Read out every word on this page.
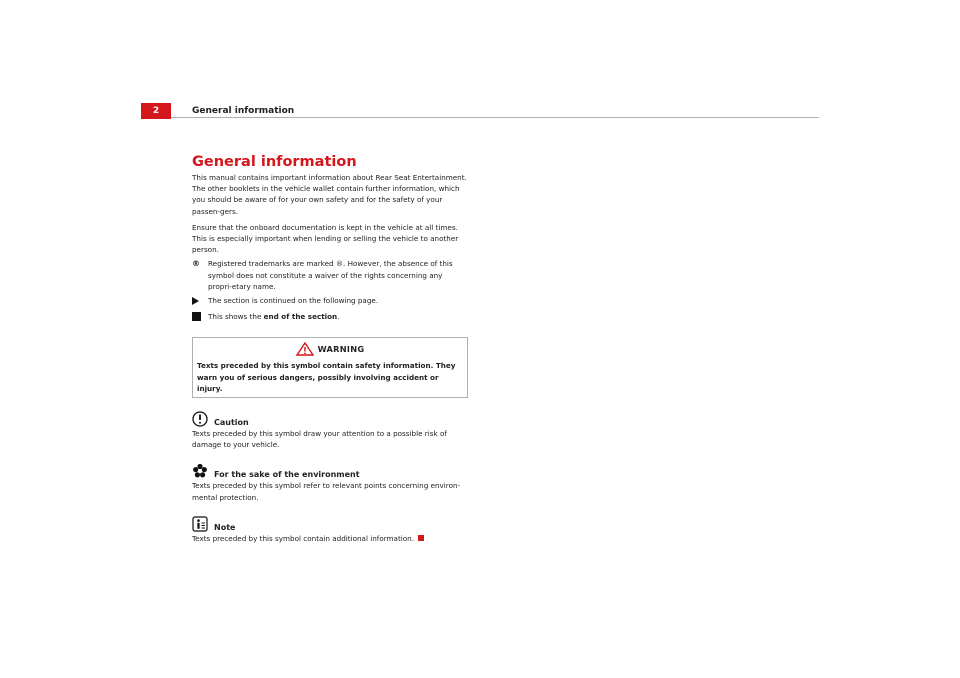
2	General information
General information

This manual contains important information about Rear Seat Entertainment. The other booklets in the vehicle wallet contain further information, which you should be aware of for your own safety and for the safety of your passen-gers.

Ensure that the onboard documentation is kept in the vehicle at all times. This is especially important when lending or selling the vehicle to another person.

®	Registered trademarks are marked ®. However, the absence of this symbol does not constitute a waiver of the rights concerning any propri-etary name.
The section is continued on the following page.
This shows the end of the section.
WARNING
Texts preceded by this symbol contain safety information. They warn you of serious dangers, possibly involving accident or injury.
Caution

Texts preceded by this symbol draw your attention to a possible risk of damage to your vehicle.

For the sake of the environment

Texts preceded by this symbol refer to relevant points concerning environ-mental protection.

Note

Texts preceded by this symbol contain additional information.
